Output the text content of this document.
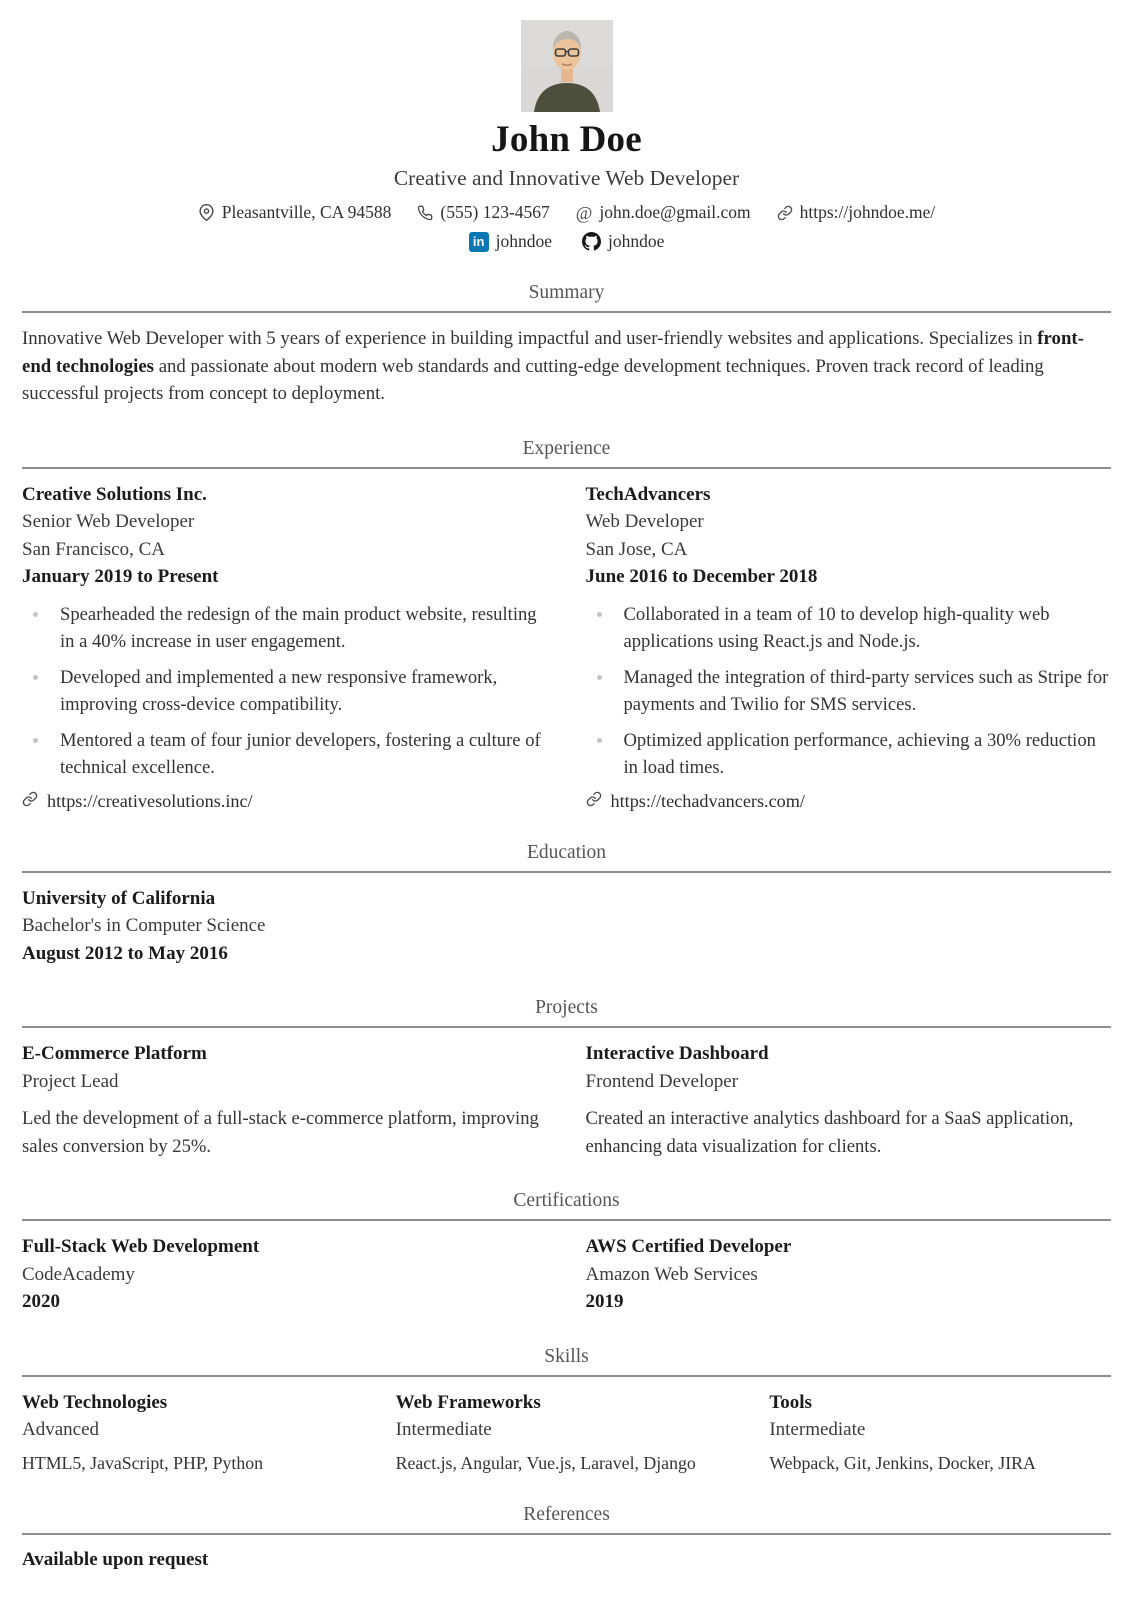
John Doe
Creative and Innovative Web Developer
Pleasantville, CA 94588	(555) 123-4567 @ john.doe@gmail.com	https://johndoe.me/
in johndoe	johndoe
Summary

Innovative Web Developer with 5 years of experience in building impactful and user-friendly websites and applications. Specializes in front-end technologies and passionate about modern web standards and cutting-edge development techniques. Proven track record of leading successful projects from concept to deployment.

Experience
Creative Solutions Inc.
Senior Web Developer
San Francisco, CA
January 2019 to Present
Spearheaded the redesign of the main product website, resulting in a 40% increase in user engagement.
Developed and implemented a new responsive framework, improving cross-device compatibility.
Mentored a team of four junior developers, fostering a culture of technical excellence.
https://creativesolutions.inc/
TechAdvancers
Web Developer
San Jose, CA
June 2016 to December 2018
Collaborated in a team of 10 to develop high-quality web applications using React.js and Node.js.
Managed the integration of third-party services such as Stripe for payments and Twilio for SMS services.
Optimized application performance, achieving a 30% reduction in load times.
https://techadvancers.com/
Education
University of California
Bachelor's in Computer Science
August 2012 to May 2016
Projects
E-Commerce Platform
Project Lead

Led the development of a full-stack e-commerce platform, improving sales conversion by 25%.

Interactive Dashboard
Frontend Developer

Created an interactive analytics dashboard for a SaaS application, enhancing data visualization for clients.

Certifications
Full-Stack Web Development
CodeAcademy
2020
AWS Certified Developer
Amazon Web Services
2019
Skills
Web Technologies
Advanced
HTML5, JavaScript, PHP, Python
Web Frameworks
Intermediate
React.js, Angular, Vue.js, Laravel, Django
Tools
Intermediate
Webpack, Git, Jenkins, Docker, JIRA
References
Available upon request
